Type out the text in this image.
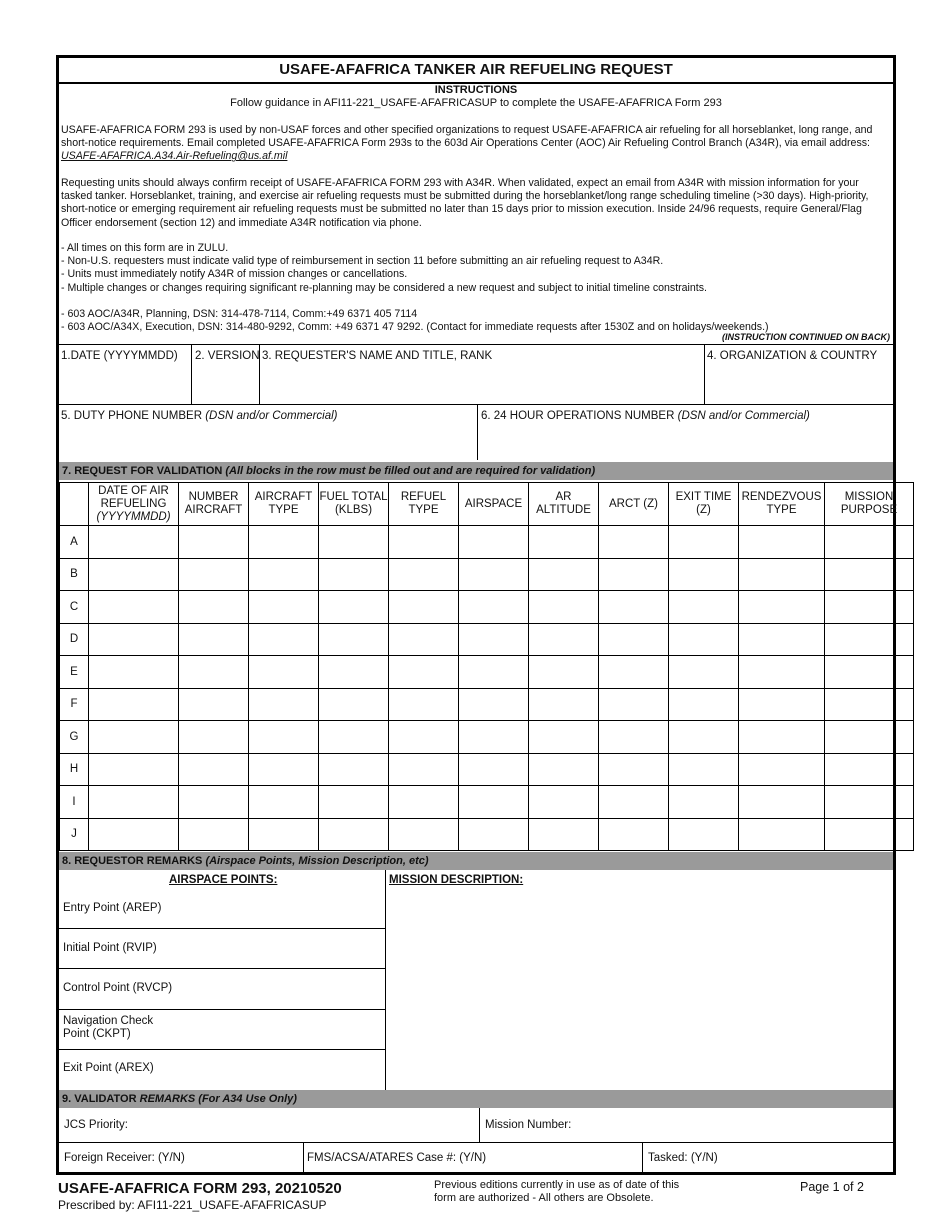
USAFE-AFAFRICA TANKER AIR REFUELING REQUEST
INSTRUCTIONS
Follow guidance in AFI11-221_USAFE-AFAFRICASUP to complete the USAFE-AFAFRICA Form 293
USAFE-AFAFRICA FORM 293 is used by non-USAF forces and other specified organizations to request USAFE-AFAFRICA air refueling for all horseblanket, long range, and short-notice requirements. Email completed USAFE-AFAFRICA Form 293s to the 603d Air Operations Center (AOC) Air Refueling Control Branch (A34R), via email address: USAFE-AFAFRICA.A34.Air-Refueling@us.af.mil
Requesting units should always confirm receipt of USAFE-AFAFRICA FORM 293 with A34R. When validated, expect an email from A34R with mission information for your tasked tanker. Horseblanket, training, and exercise air refueling requests must be submitted during the horseblanket/long range scheduling timeline (>30 days). High-priority, short-notice or emerging requirement air refueling requests must be submitted no later than 15 days prior to mission execution. Inside 24/96 requests, require General/Flag Officer endorsement (section 12) and immediate A34R notification via phone.
- All times on this form are in ZULU.
- Non-U.S. requesters must indicate valid type of reimbursement in section 11 before submitting an air refueling request to A34R.
- Units must immediately notify A34R of mission changes or cancellations.
- Multiple changes or changes requiring significant re-planning may be considered a new request and subject to initial timeline constraints.
- 603 AOC/A34R, Planning, DSN: 314-478-7114, Comm:+49 6371 405 7114
- 603 AOC/A34X, Execution, DSN: 314-480-9292, Comm: +49 6371 47 9292. (Contact for immediate requests after 1530Z and on holidays/weekends.)
(INSTRUCTION CONTINUED ON BACK)
1.DATE (YYYYMMDD) 2. VERSION 3. REQUESTER'S NAME AND TITLE, RANK	4. ORGANIZATION & COUNTRY
5. DUTY PHONE NUMBER (DSN and/or Commercial)	6. 24 HOUR OPERATIONS NUMBER (DSN and/or Commercial)
7. REQUEST FOR VALIDATION (All blocks in the row must be filled out and are required for validation)

	DATE OF AIR
REFUELING
(YYYYMMDD)	NUMBER AIRCRAFT	AIRCRAFT TYPE	FUEL TOTAL (KLBS)	REFUEL TYPE	AIRSPACE	AR ALTITUDE	ARCT (Z)	EXIT TIME (Z)	RENDEZVOUS TYPE	MISSION PURPOSE
A											
B											
C											
D											
E											
F											
G											
H											
I											
J											
8. REQUESTOR REMARKS (Airspace Points, Mission Description, etc)
AIRSPACE POINTS:	MISSION DESCRIPTION:
Entry Point (AREP)
Initial Point (RVIP)
Control Point (RVCP)
Navigation Check Point (CKPT)
Exit Point (AREX)
9. VALIDATOR REMARKS (For A34 Use Only)
JCS Priority:	Mission Number:
Foreign Receiver: (Y/N)	FMS/ACSA/ATARES Case #: (Y/N)	Tasked: (Y/N)
USAFE-AFAFRICA FORM 293, 20210520
Prescribed by: AFI11-221_USAFE-AFAFRICASUP
Previous editions currently in use as of date of this
form are authorized - All others are Obsolete.
Page 1 of 2
